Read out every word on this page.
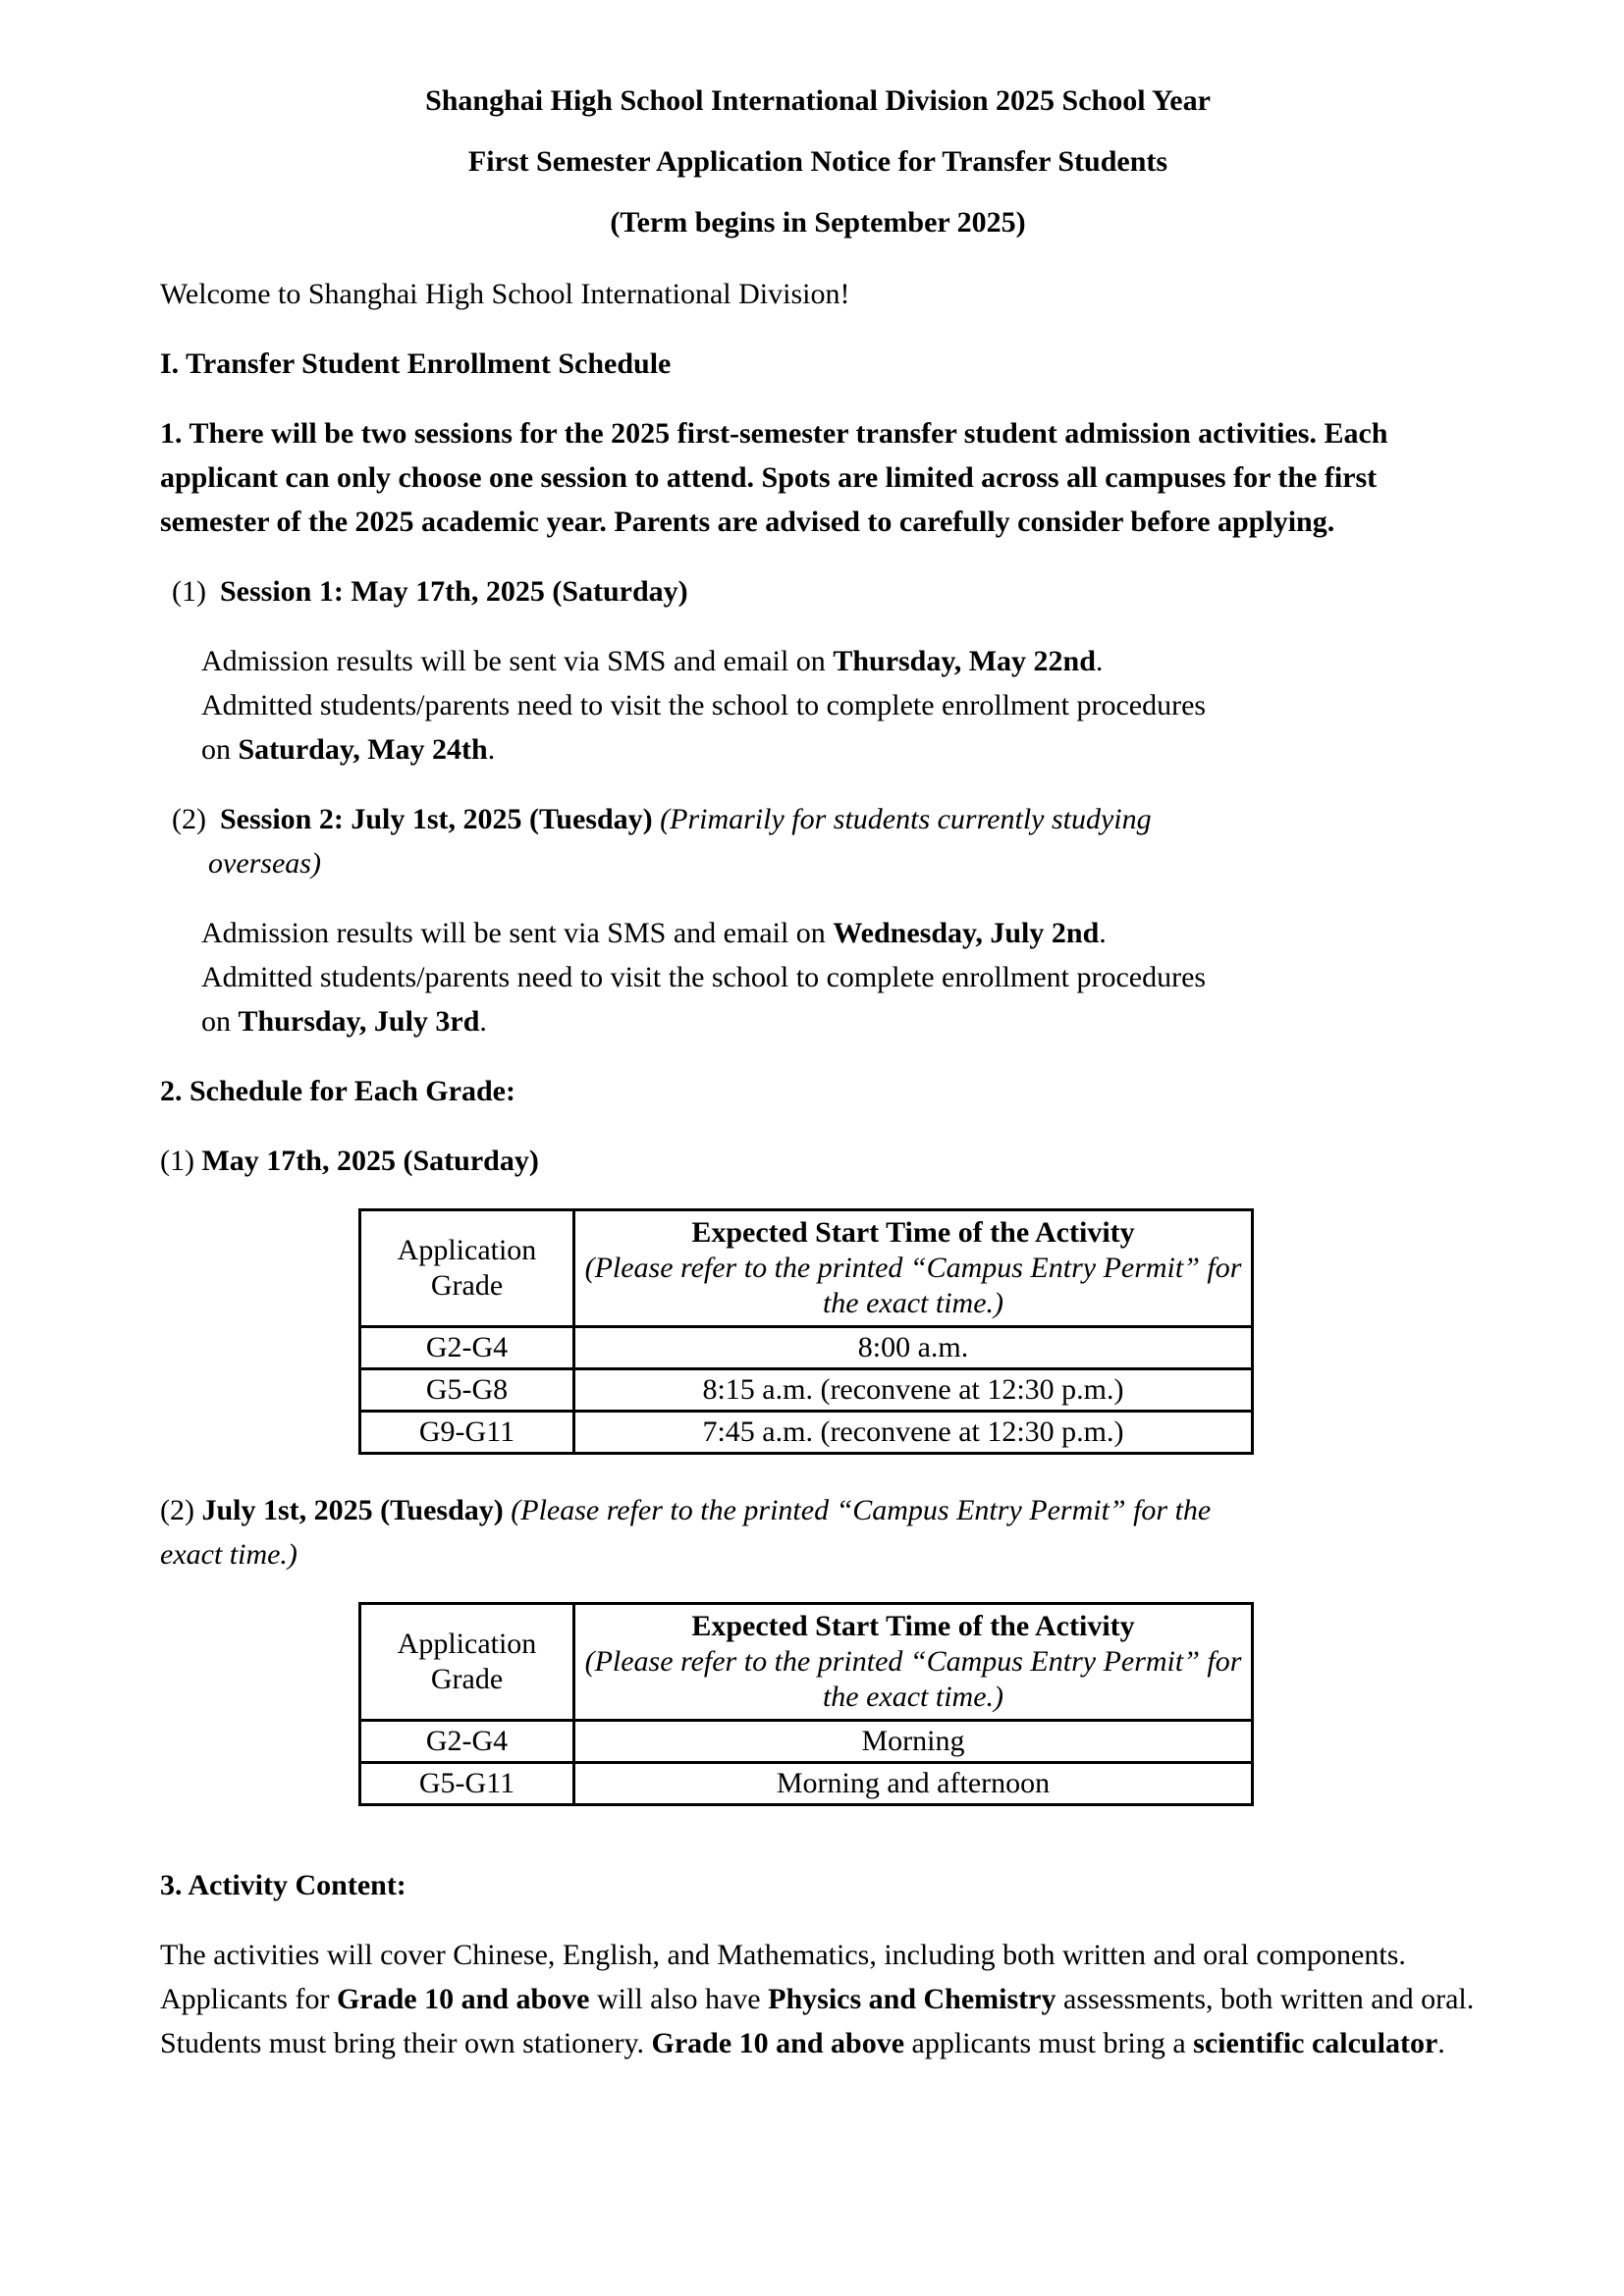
Shanghai High School International Division 2025 School Year
First Semester Application Notice for Transfer Students
(Term begins in September 2025)

Welcome to Shanghai High School International Division!

I. Transfer Student Enrollment Schedule

1. There will be two sessions for the 2025 first-semester transfer student admission activities. Each applicant can only choose one session to attend. Spots are limited across all campuses for the first semester of the 2025 academic year. Parents are advised to carefully consider before applying.

(1) Session 1: May 17th, 2025 (Saturday)

Admission results will be sent via SMS and email on Thursday, May 22nd.
Admitted students/parents need to visit the school to complete enrollment procedures
on Saturday, May 24th.

(2) Session 2: July 1st, 2025 (Tuesday) (Primarily for students currently studying
overseas)

Admission results will be sent via SMS and email on Wednesday, July 2nd.
Admitted students/parents need to visit the school to complete enrollment procedures
on Thursday, July 3rd.

2. Schedule for Each Grade:

(1) May 17th, 2025 (Saturday)

Application Grade	Expected Start Time of the Activity
(Please refer to the printed “Campus Entry Permit” for the exact time.)

G2-G4	8:00 a.m.
G5-G8	8:15 a.m. (reconvene at 12:30 p.m.)
G9-G11	7:45 a.m. (reconvene at 12:30 p.m.)

(2) July 1st, 2025 (Tuesday) (Please refer to the printed “Campus Entry Permit” for the
exact time.)

Application Grade	Expected Start Time of the Activity
(Please refer to the printed “Campus Entry Permit” for the exact time.)

G2-G4	Morning
G5-G11	Morning and afternoon

3. Activity Content:

The activities will cover Chinese, English, and Mathematics, including both written and oral components. Applicants for Grade 10 and above will also have Physics and Chemistry assessments, both written and oral. Students must bring their own stationery. Grade 10 and above applicants must bring a scientific calculator.
